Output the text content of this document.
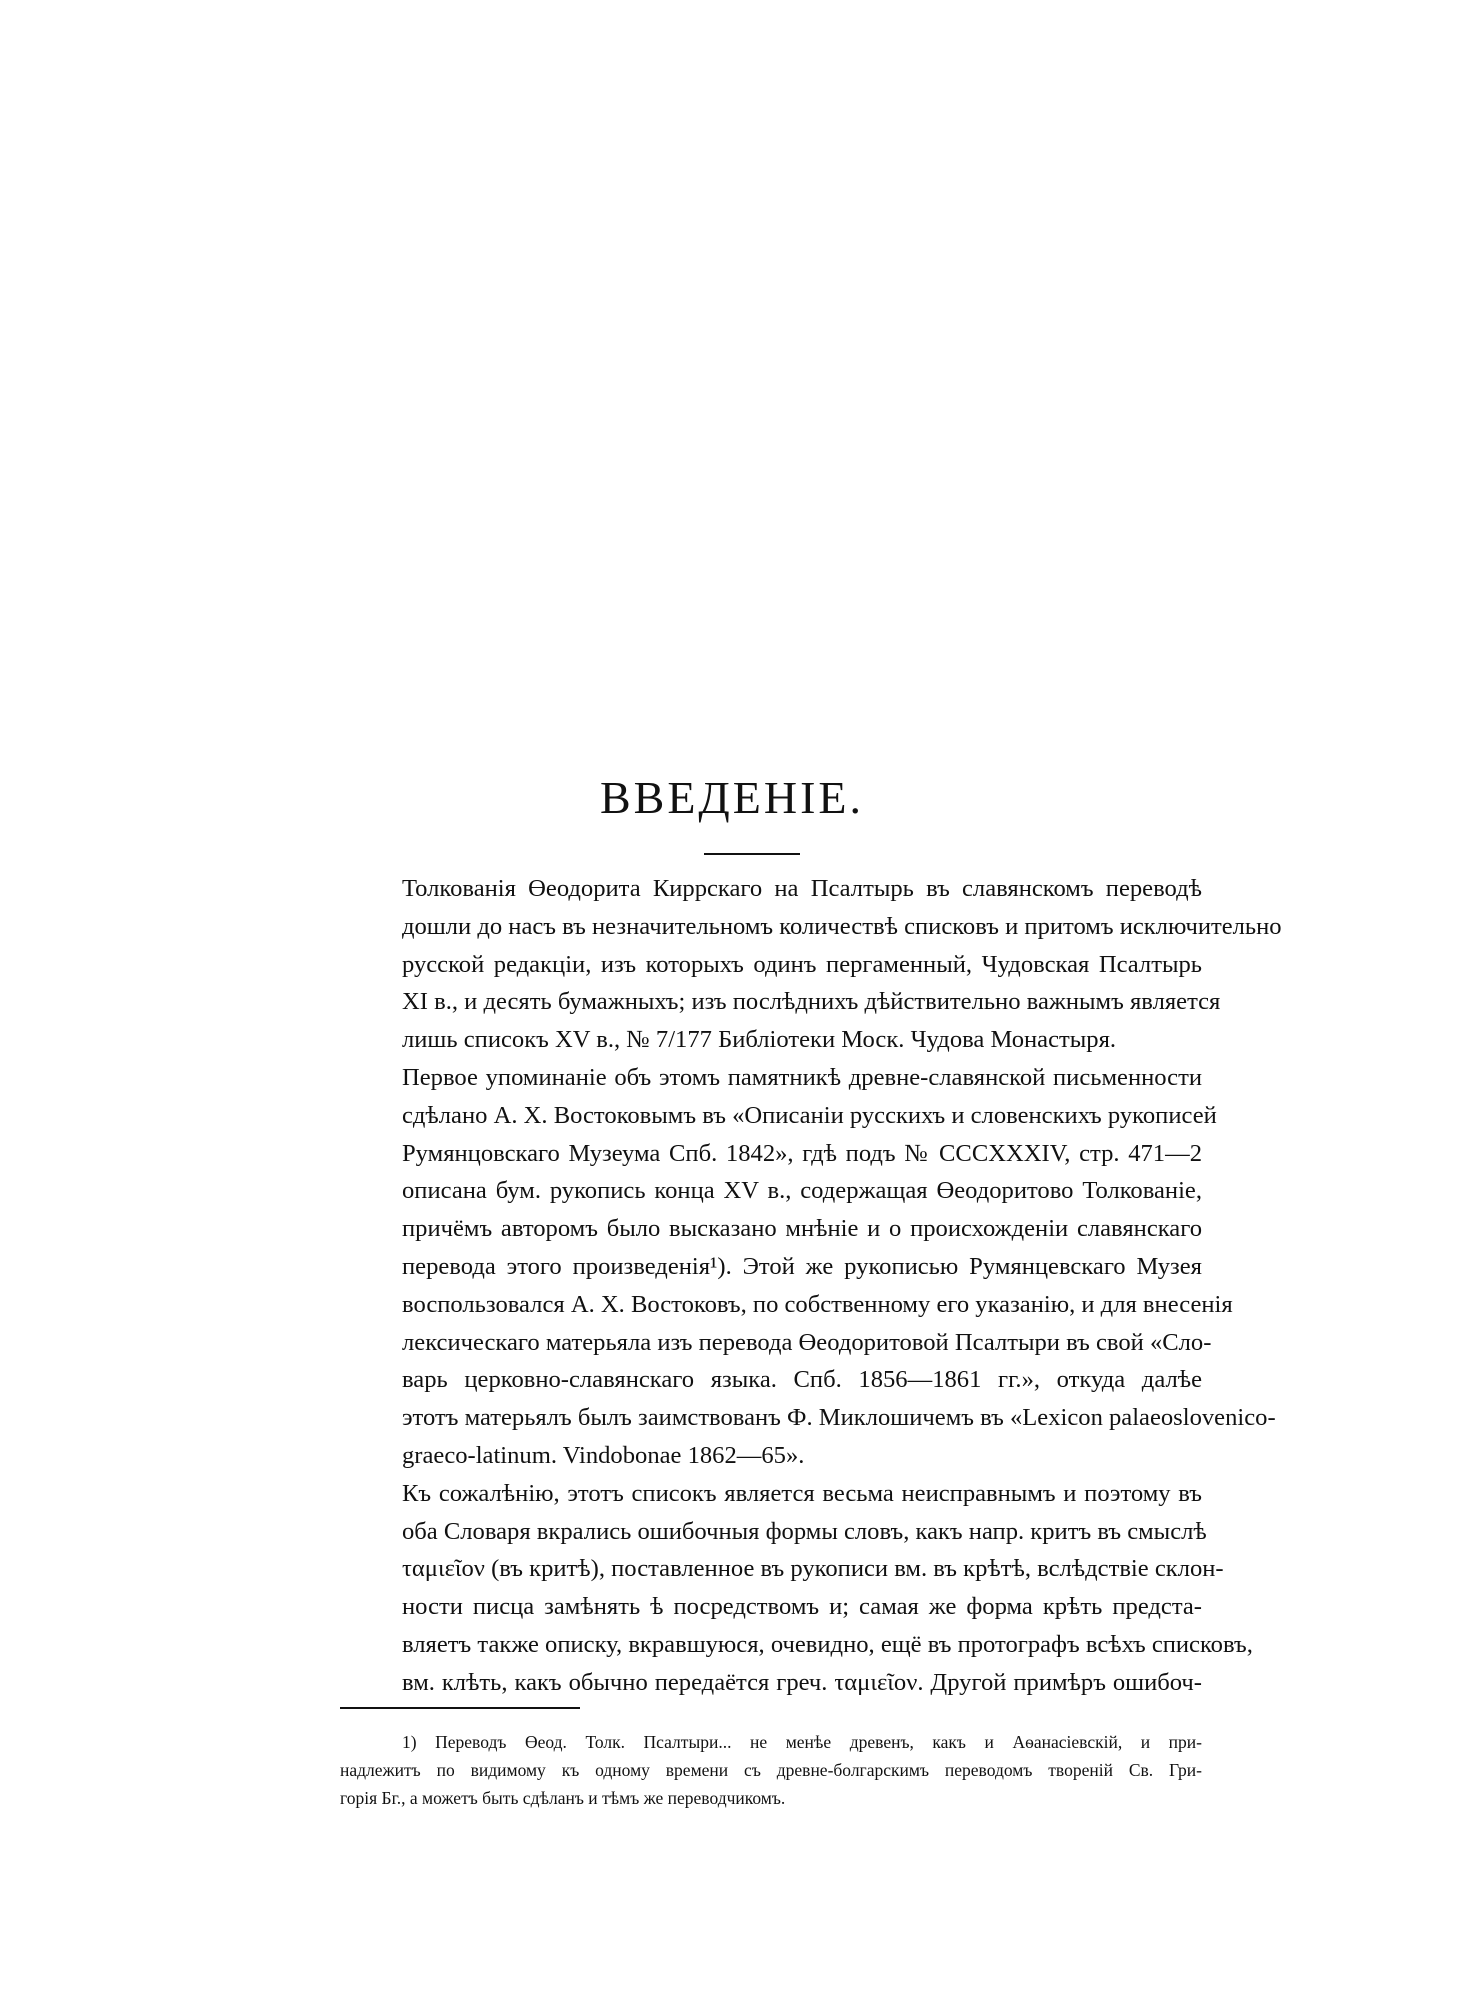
ВВЕДЕНІЕ.

Толкованія Өеодорита Киррскаго на Псалтырь въ славянскомъ переводѣ
дошли до насъ въ незначительномъ количествѣ списковъ и притомъ исключительно
русской редакціи, изъ которыхъ одинъ пергаменный, Чудовская Псалтырь
XI в., и десять бумажныхъ; изъ послѣднихъ дѣйствительно важнымъ является
лишь списокъ XV в., № 7/177 Библіотеки Моск. Чудова Монастыря.

Первое упоминаніе объ этомъ памятникѣ древне-славянской письменности
сдѣлано А. Х. Востоковымъ въ «Описаніи русскихъ и словенскихъ рукописей
Румянцовскаго Музеума Спб. 1842», гдѣ подъ № CCCXXXIV, стр. 471—2
описана бум. рукопись конца XV в., содержащая Өеодоритово Толкованіе,
причёмъ авторомъ было высказано мнѣніе и о происхожденіи славянскаго
перевода этого произведенія¹). Этой же рукописью Румянцевскаго Музея
воспользовался А. Х. Востоковъ, по собственному его указанію, и для внесенія
лексическаго матерьяла изъ перевода Өеодоритовой Псалтыри въ свой «Сло-
варь церковно-славянскаго языка. Спб. 1856—1861 гг.», откуда далѣе
этотъ матерьялъ былъ заимствованъ Ф. Миклошичемъ въ «Lexicon palaeoslovenico-
graeco-latinum. Vindobonae 1862—65».

Къ сожалѣнію, этотъ списокъ является весьма неисправнымъ и поэтому въ
оба Словаря вкрались ошибочныя формы словъ, какъ напр. критъ въ смыслѣ
ταμιεῖον (въ критѣ), поставленное въ рукописи вм. въ крѣтѣ, вслѣдствіе склон-
ности писца замѣнять ѣ посредствомъ и; самая же форма крѣть предста-
вляетъ также описку, вкравшуюся, очевидно, ещё въ протографъ всѣхъ списковъ,
вм. клѣть, какъ обычно передаётся греч. ταμιεῖον. Другой примѣръ ошибоч-

1) Переводъ Өеод. Толк. Псалтыри... не менѣе древенъ, какъ и Аѳанасіевскій, и при-
надлежитъ по видимому къ одному времени съ древне-болгарскимъ переводомъ твореній Св. Гри-
горія Бг., а можетъ быть сдѣланъ и тѣмъ же переводчикомъ.
